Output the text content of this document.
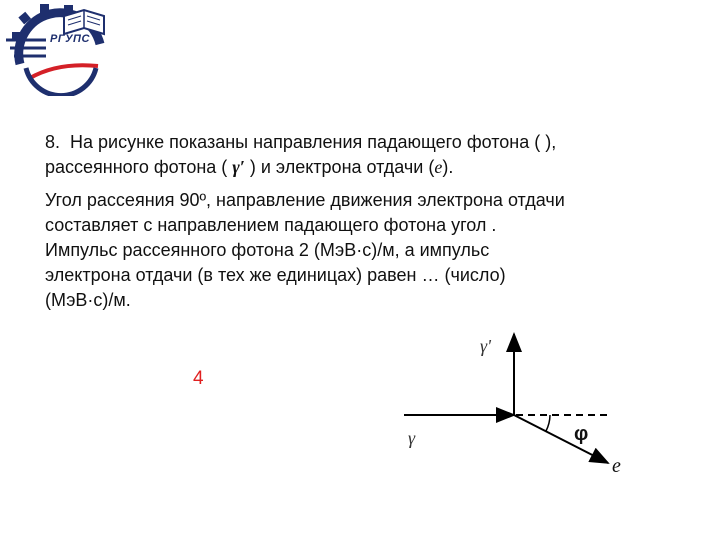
РГУПС

8. На рисунке показаны направления падающего фотона ( ),

рассеянного фотона ( γ′ ) и электрона отдачи (e).

Угол рассеяния 90º, направление движения электрона отдачи
составляет с направлением падающего фотона угол .
Импульс рассеянного фотона 2 (МэВ·с)/м, а импульс
электрона отдачи (в тех же единицах) равен … (число)
(МэВ·с)/м.

4
γ'
γ	φ
e
